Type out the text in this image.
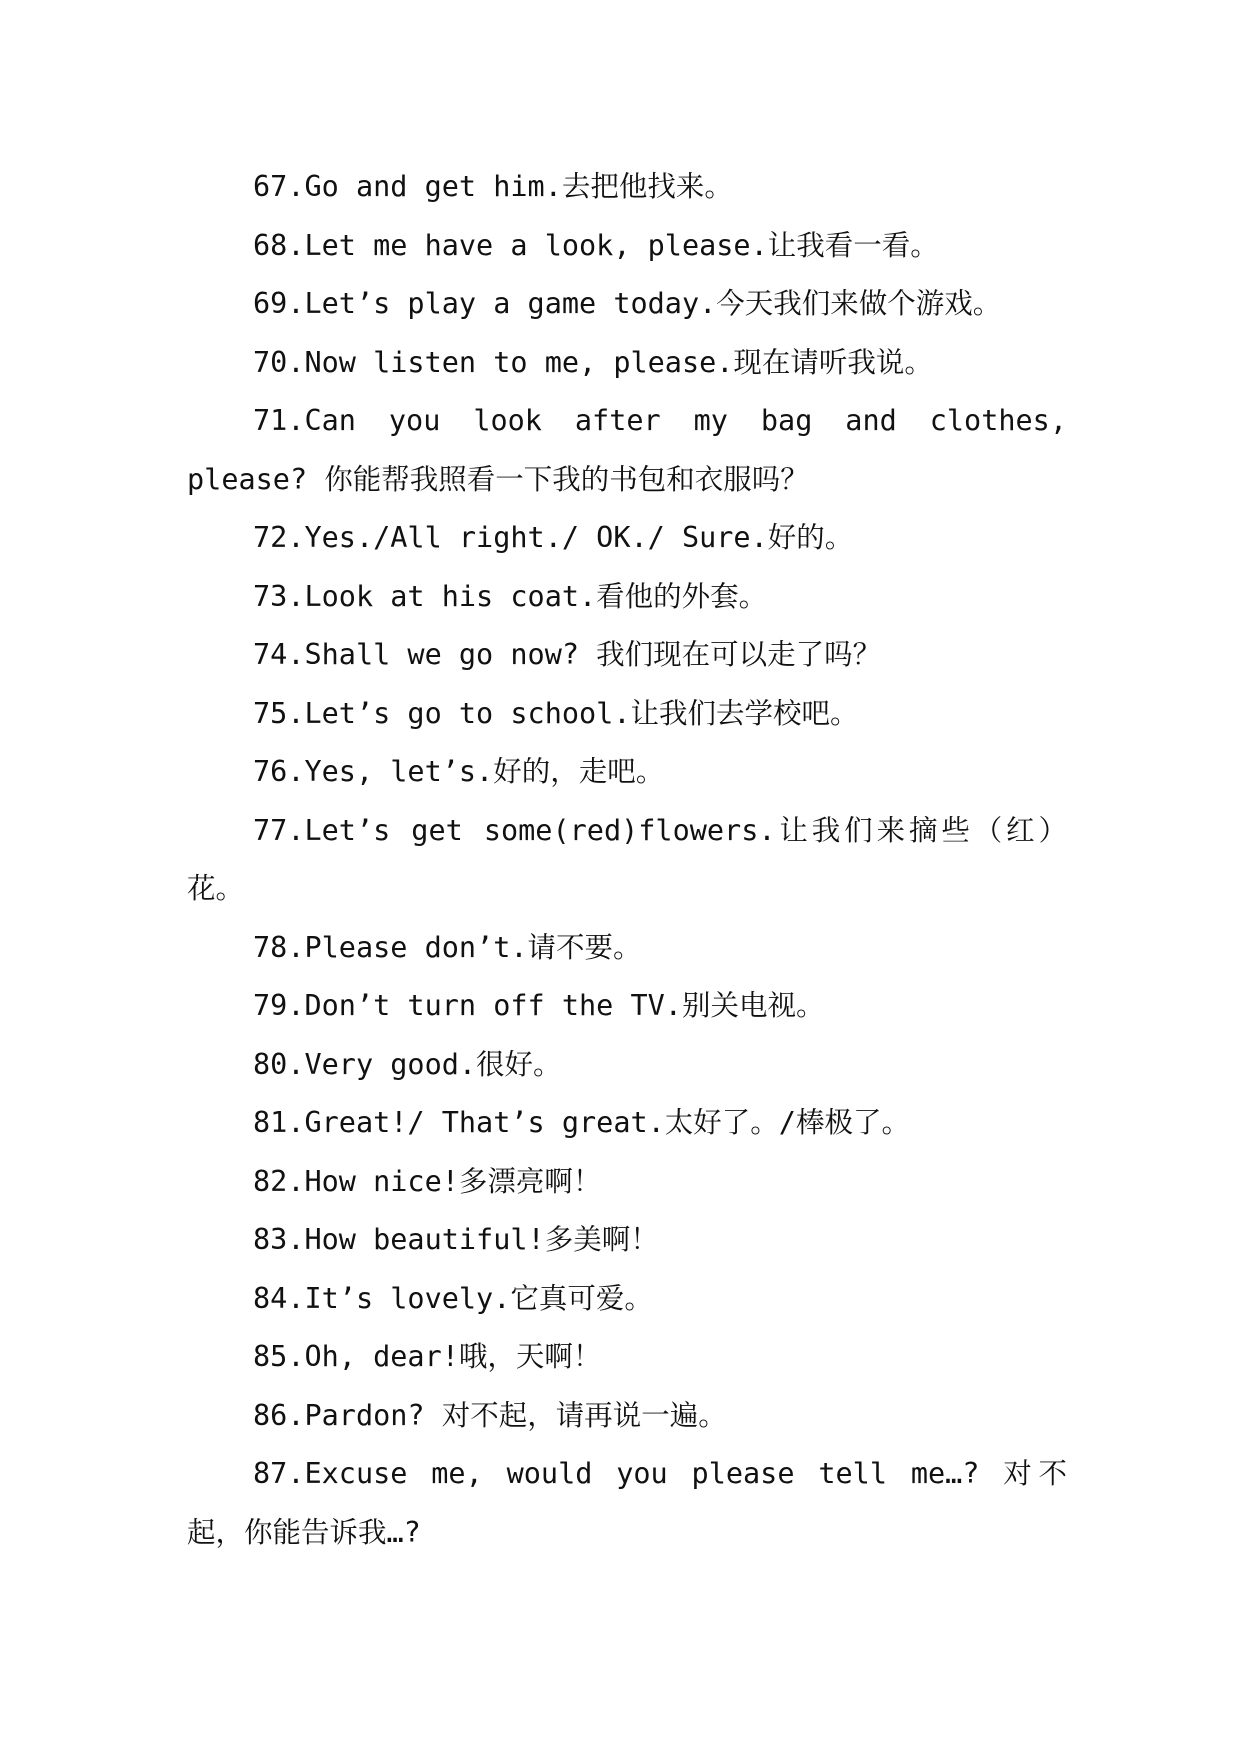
67.Go and get him.去把他找来。

68.Let me have a look, please.让我看一看。

69.Let’s play a game today.今天我们来做个游戏。

70.Now listen to me, please.现在请听我说。

71.Can you look after my bag and clothes, please? 你能帮我照看一下我的书包和衣服吗？

72.Yes./All right./ OK./ Sure.好的。

73.Look at his coat.看他的外套。

74.Shall we go now? 我们现在可以走了吗？

75.Let’s go to school.让我们去学校吧。

76.Yes, let’s.好的，走吧。

77.Let’s get some(red)flowers.让我们来摘些（红）花。

78.Please don’t.请不要。

79.Don’t turn off the TV.别关电视。

80.Very good.很好。

81.Great!/ That’s great.太好了。/棒极了。

82.How nice!多漂亮啊！

83.How beautiful!多美啊！

84.It’s lovely.它真可爱。

85.Oh, dear!哦，天啊！

86.Pardon? 对不起，请再说一遍。

87.Excuse me, would you please tell me…? 对不起，你能告诉我…?
